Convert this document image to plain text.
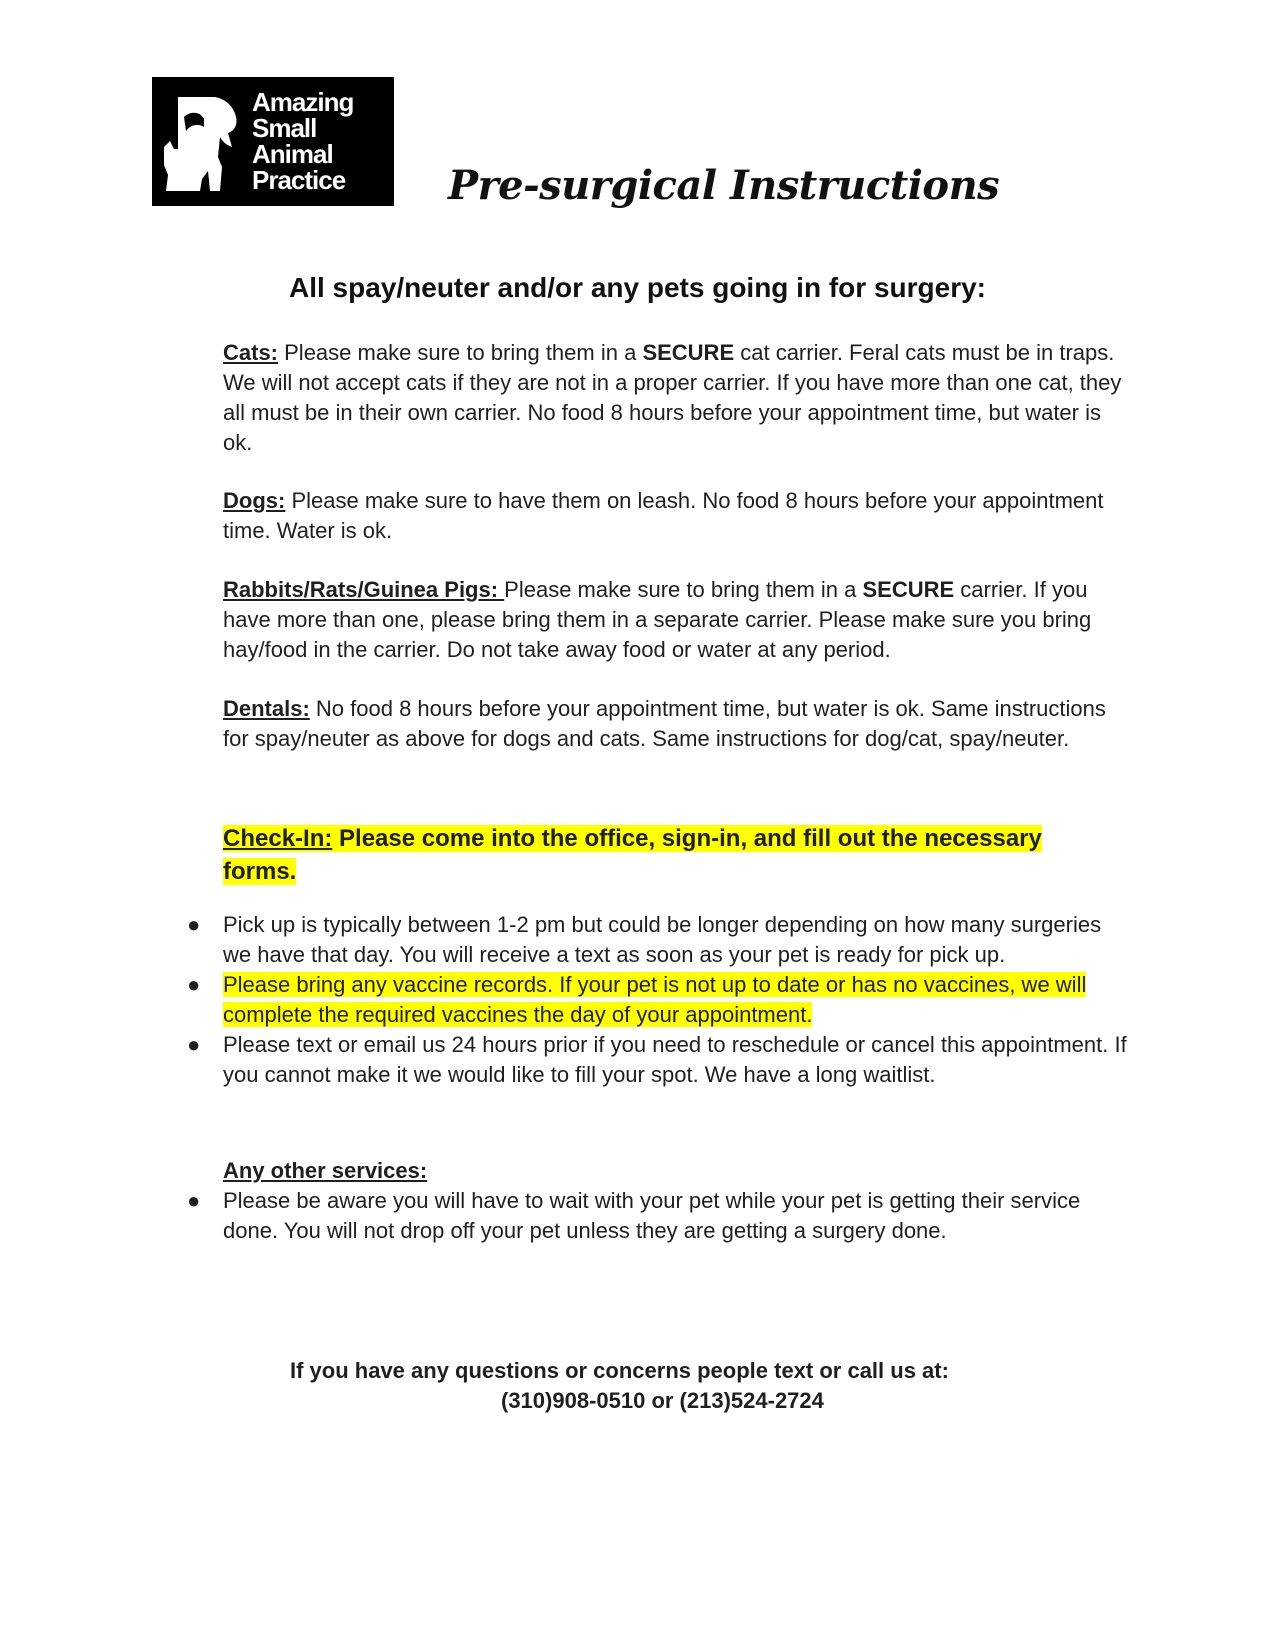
Amazing
Small
Animal
Practice	Pre-surgical Instructions
All spay/neuter and/or any pets going in for surgery:

Cats: Please make sure to bring them in a SECURE cat carrier. Feral cats must be in traps. We will not accept cats if they are not in a proper carrier. If you have more than one cat, they all must be in their own carrier. No food 8 hours before your appointment time, but water is ok.

Dogs: Please make sure to have them on leash. No food 8 hours before your appointment time. Water is ok.

Rabbits/Rats/Guinea Pigs: Please make sure to bring them in a SECURE carrier. If you have more than one, please bring them in a separate carrier. Please make sure you bring hay/food in the carrier. Do not take away food or water at any period.

Dentals: No food 8 hours before your appointment time, but water is ok. Same instructions for spay/neuter as above for dogs and cats. Same instructions for dog/cat, spay/neuter.

Check-In: Please come into the office, sign-in, and fill out the necessary forms.

● Pick up is typically between 1-2 pm but could be longer depending on how many surgeries we have that day. You will receive a text as soon as your pet is ready for pick up.
● Please bring any vaccine records. If your pet is not up to date or has no vaccines, we will complete the required vaccines the day of your appointment.
● Please text or email us 24 hours prior if you need to reschedule or cancel this appointment. If you cannot make it we would like to fill your spot. We have a long waitlist.

Any other services:

● Please be aware you will have to wait with your pet while your pet is getting their service done. You will not drop off your pet unless they are getting a surgery done.

If you have any questions or concerns people text or call us at:

(310)908-0510 or (213)524-2724
